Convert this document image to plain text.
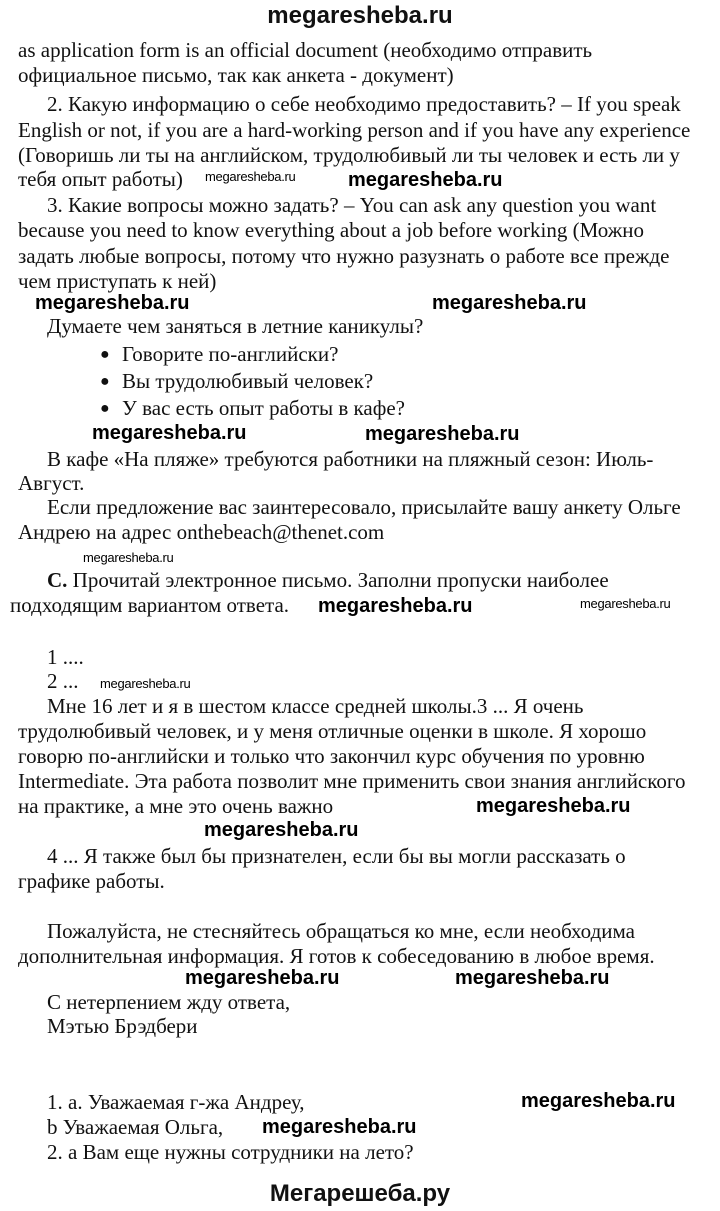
megaresheba.ru
as application form is an official document (необходимо отправить
официальное письмо, так как анкета - документ)
2. Какую информацию о себе необходимо предоставить? – If you speak
English or not, if you are a hard-working person and if you have any experience
(Говоришь ли ты на английском, трудолюбивый ли ты человек и есть ли у
тебя опыт работы) megaresheba.ru	megaresheba.ru
3. Какие вопросы можно задать? – You can ask any question you want
because you need to know everything about a job before working (Можно
задать любые вопросы, потому что нужно разузнать о работе все прежде
чем приступать к ней)
megaresheba.ru	megaresheba.ru
Думаете чем заняться в летние каникулы?
● Говорите по-английски?
● Вы трудолюбивый человек?
● У вас есть опыт работы в кафе?
megaresheba.ru	megaresheba.ru
В кафе «На пляже» требуются работники на пляжный сезон: Июль-
Август.
Если предложение вас заинтересовало, присылайте вашу анкету Ольге
Андрею на адрес onthebeach@thenet.com
megaresheba.ru
C. Прочитай электронное письмо. Заполни пропуски наиболее
подходящим вариантом ответа. megaresheba.ru	megaresheba.ru
1 ....
2 ... megaresheba.ru
Мне 16 лет и я в шестом классе средней школы.3 ... Я очень
трудолюбивый человек, и у меня отличные оценки в школе. Я хорошо
говорю по-английски и только что закончил курс обучения по уровню
Intermediate. Эта работа позволит мне применить свои знания английского
на практике, а мне это очень важно	megaresheba.ru
megaresheba.ru
4 ... Я также был бы признателен, если бы вы могли рассказать о
графике работы.
Пожалуйста, не стесняйтесь обращаться ко мне, если необходима
дополнительная информация. Я готов к собеседованию в любое время.
megaresheba.ru	megaresheba.ru
С нетерпением жду ответа,
Мэтью Брэдбери
1. a. Уважаемая г-жа Андреу,	megaresheba.ru
b Уважаемая Ольга, megaresheba.ru
2. a Вам еще нужны сотрудники на лето?
Мегарешеба.ру
